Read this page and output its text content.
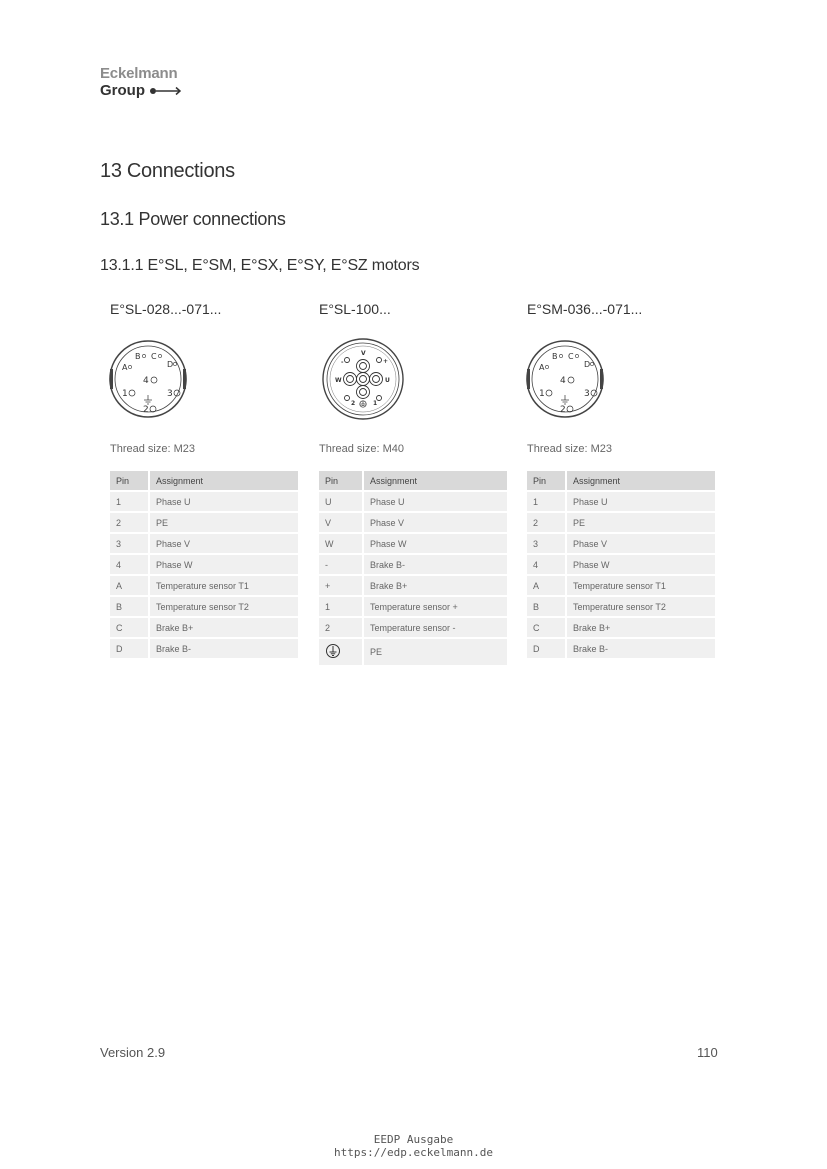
Eckelmann
Group
13 Connections
13.1 Power connections
13.1.1 E°SL, E°SM, E°SX, E°SY, E°SZ motors
E°SL-028...-071...
B C
A	D
4
1	3
2
Thread size: M23
Pin	Assignment
1	Phase U
2	PE
3	Phase V
4	Phase W
A	Temperature sensor T1
B	Temperature sensor T2
C	Brake B+
D	Brake B-
E°SL-100...
V
+
W	U
2	1
-
Thread size: M40
Pin	Assignment
U	Phase U
V	Phase V
W	Phase W
-	Brake B-
+	Brake B+
1	Temperature sensor +
2	Temperature sensor -
	PE
E°SM-036...-071...
B C
A	D
4
1	3
2
Thread size: M23
Pin	Assignment
1	Phase U
2	PE
3	Phase V
4	Phase W
A	Temperature sensor T1
B	Temperature sensor T2
C	Brake B+
D	Brake B-
Version 2.9	110
EEDP Ausgabe
https://edp.eckelmann.de
